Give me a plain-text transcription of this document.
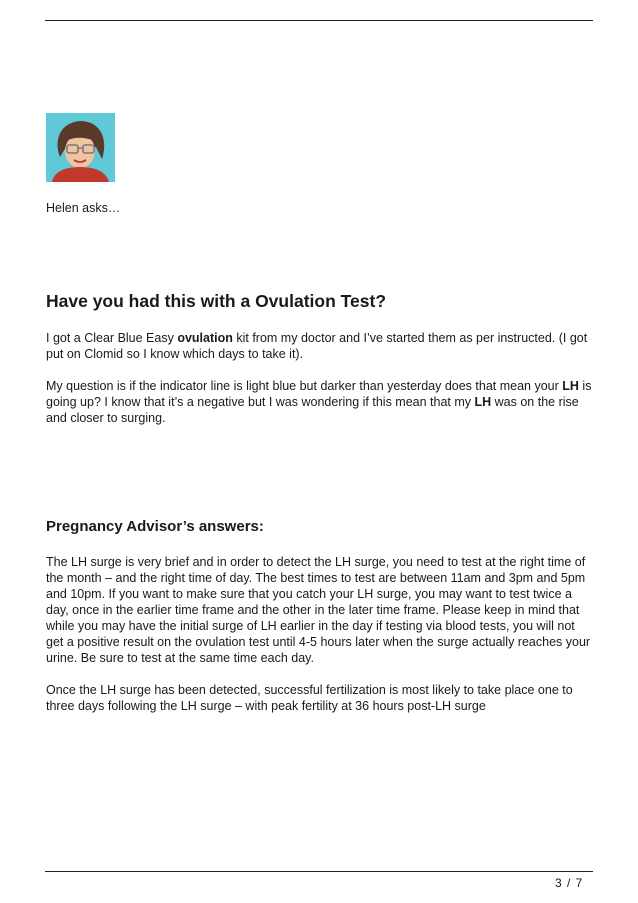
Helen asks…
Have you had this with a Ovulation Test?

I got a Clear Blue Easy ovulation kit from my doctor and I’ve started them as per instructed. (I got put on Clomid so I know which days to take it).

My question is if the indicator line is light blue but darker than yesterday does that mean your LH is going up? I know that it’s a negative but I was wondering if this mean that my LH was on the rise and closer to surging.

Pregnancy Advisor’s answers:

The LH surge is very brief and in order to detect the LH surge, you need to test at the right time of the month – and the right time of day. The best times to test are between 11am and 3pm and 5pm and 10pm. If you want to make sure that you catch your LH surge, you may want to test twice a day, once in the earlier time frame and the other in the later time frame. Please keep in mind that while you may have the initial surge of LH earlier in the day if testing via blood tests, you will not get a positive result on the ovulation test until 4-5 hours later when the surge actually reaches your urine. Be sure to test at the same time each day.

Once the LH surge has been detected, successful fertilization is most likely to take place one to three days following the LH surge – with peak fertility at 36 hours post-LH surge

3 / 7
